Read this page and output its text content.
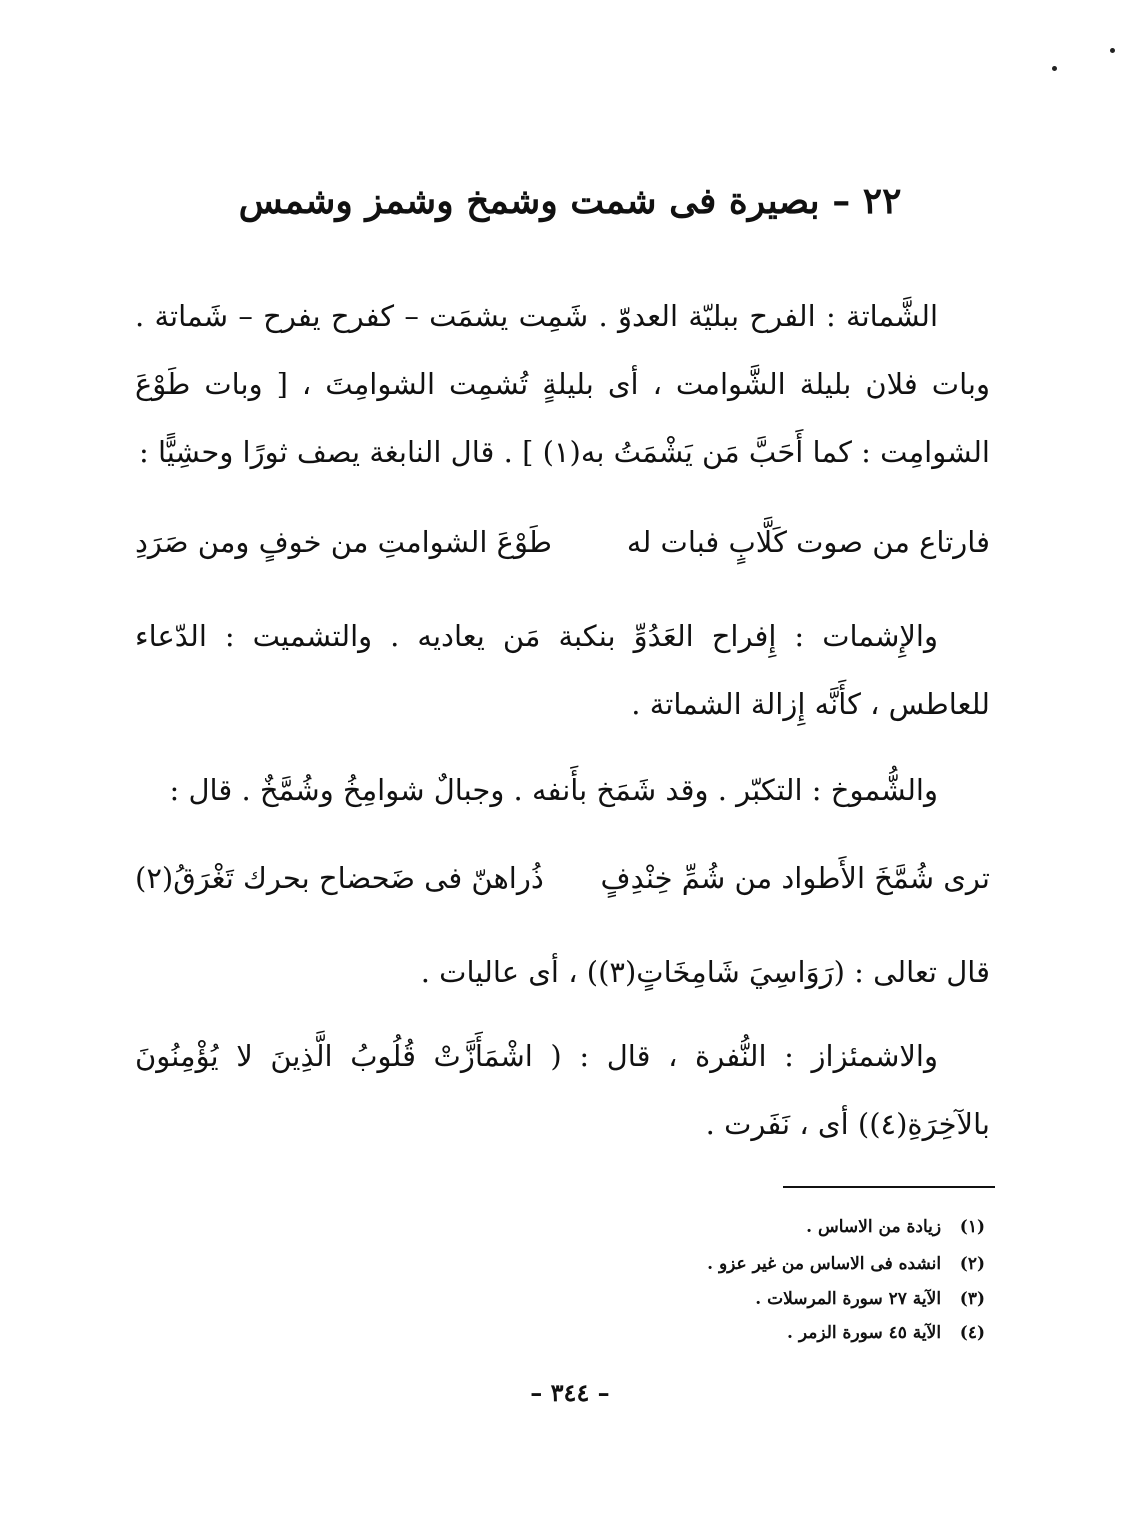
٢٢ – بصيرة فى شمت وشمخ وشمز وشمس
الشَّماتة : الفرح ببليّة العدوّ . شَمِت يشمَت – كفرح يفرح – شَماتة . وبات فلان بليلة الشَّوامت ، أى بليلةٍ تُشمِت الشوامِتَ ، [ وبات طَوْعَ الشوامِت : كما أَحَبَّ مَن يَشْمَتُ به(١) ] . قال النابغة يصف ثورًا وحشِيًّا :
فارتاع من صوت كَلَّابٍ فبات له
طَوْعَ الشوامتِ من خوفٍ ومن صَرَدِ
والإِشمات : إِفراح العَدُوِّ بنكبة مَن يعاديه . والتشميت : الدّعاء للعاطس ، كأَنَّه إِزالة الشماتة .
والشُّموخ : التكبّر . وقد شَمَخ بأَنفه . وجبالٌ شوامِخُ وشُمَّخٌ . قال :
ترى شُمَّخَ الأَطواد من شُمِّ خِنْدِفٍ
ذُراهنّ فى ضَحضاح بحرك تَغْرَقُ(٢)
قال تعالى : (رَوَاسِيَ شَامِخَاتٍ(٣)) ، أى عاليات .
والاشمئزاز : النُّفرة ، قال : ( اشْمَأَزَّتْ قُلُوبُ الَّذِينَ لا يُؤْمِنُونَ بالآخِرَةِ(٤)) أى ، نَفَرت .
(١) زيادة من الاساس .
(٢) انشده فى الاساس من غير عزو .
(٣) الآية ٢٧ سورة المرسلات .
(٤) الآية ٤٥ سورة الزمر .
– ٣٤٤ –
